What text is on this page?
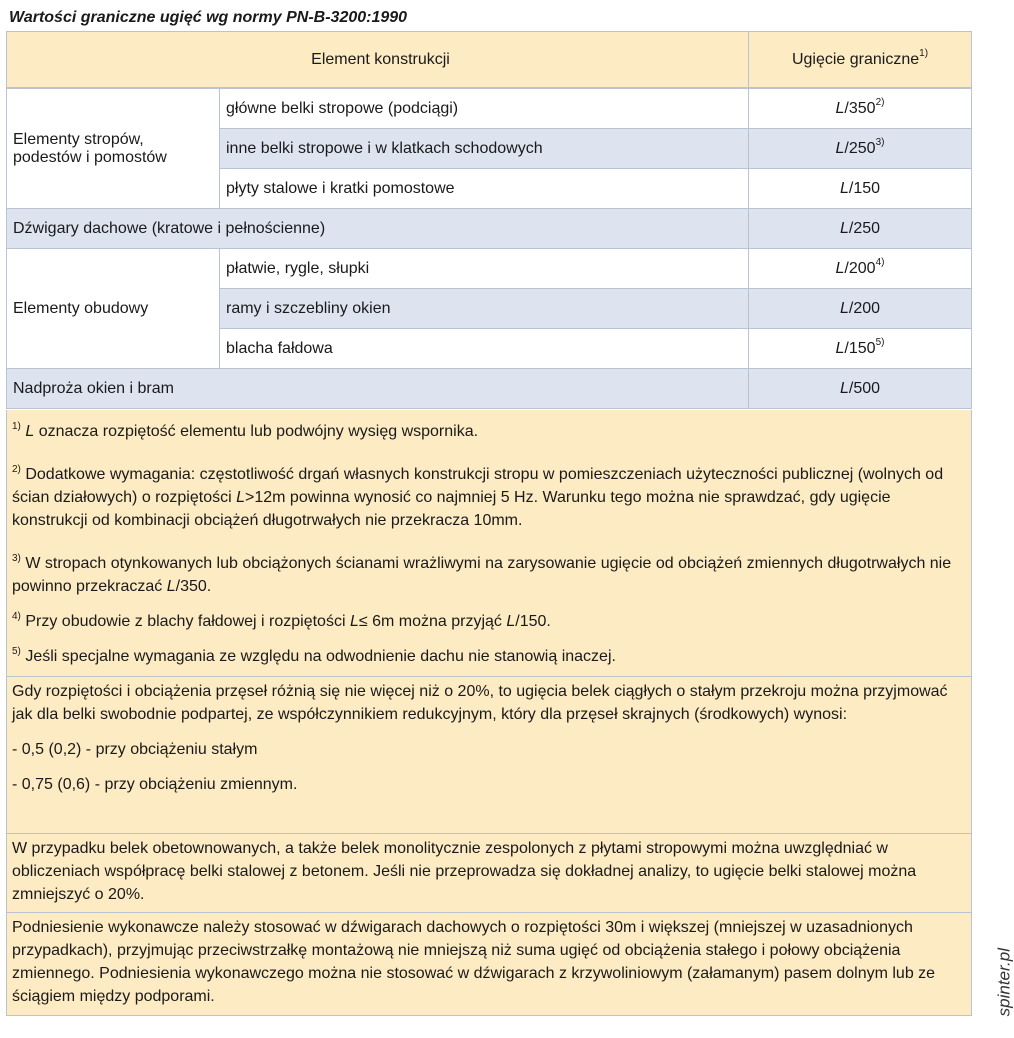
Wartości graniczne ugięć wg normy PN-B-3200:1990

Element konstrukcji		Ugięcie graniczne$^{1)}$

Elementy stropów,
podestów i pomostów	główne belki stropowe (podciągi)	L/350$^{2)}$
	inne belki stropowe i w klatkach schodowych	L/250$^{3)}$
	płyty stalowe i kratki pomostowe	L/150
Dźwigary dachowe (kratowe i pełnościenne)		L/250
Elementy obudowy	płatwie, rygle, słupki	L/200$^{4)}$
	ramy i szczebliny okien	L/200
	blacha fałdowa	L/150$^{5)}$
Nadproża okien i bram		L/500

$^{1)}$ L oznacza rozpiętość elementu lub podwójny wysięg wspornika.

$^{2)}$ Dodatkowe wymagania: częstotliwość drgań własnych konstrukcji stropu w pomieszczeniach użyteczności publicznej (wolnych od ścian działowych) o rozpiętości L>12m powinna wynosić co najmniej 5 Hz. Warunku tego można nie sprawdzać, gdy ugięcie konstrukcji od kombinacji obciążeń długotrwałych nie przekracza 10mm.

$^{3)}$ W stropach otynkowanych lub obciążonych ścianami wrażliwymi na zarysowanie ugięcie od obciążeń zmiennych długotrwałych nie powinno przekraczać L/350.

$^{4)}$ Przy obudowie z blachy fałdowej i rozpiętości L≤ 6m można przyjąć L/150.

$^{5)}$ Jeśli specjalne wymagania ze względu na odwodnienie dachu nie stanowią inaczej.

Gdy rozpiętości i obciążenia przęseł różnią się nie więcej niż o 20%, to ugięcia belek ciągłych o stałym przekroju można przyjmować jak dla belki swobodnie podpartej, ze współczynnikiem redukcyjnym, który dla przęseł skrajnych (środkowych) wynosi:

- 0,5 (0,2) - przy obciążeniu stałym

- 0,75 (0,6) - przy obciążeniu zmiennym.

W przypadku belek obetownowanych, a także belek monolitycznie zespolonych z płytami stropowymi można uwzględniać w obliczeniach współpracę belki stalowej z betonem. Jeśli nie przeprowadza się dokładnej analizy, to ugięcie belki stalowej można zmniejszyć o 20%.

Podniesienie wykonawcze należy stosować w dźwigarach dachowych o rozpiętości 30m i większej (mniejszej w uzasadnionych przypadkach), przyjmując przeciwstrzałkę montażową nie mniejszą niż suma ugięć od obciążenia stałego i połowy obciążenia zmiennego. Podniesienia wykonawczego można nie stosować w dźwigarach z krzywoliniowym (załamanym) pasem dolnym lub ze ściągiem między podporami.	spinter.pl
